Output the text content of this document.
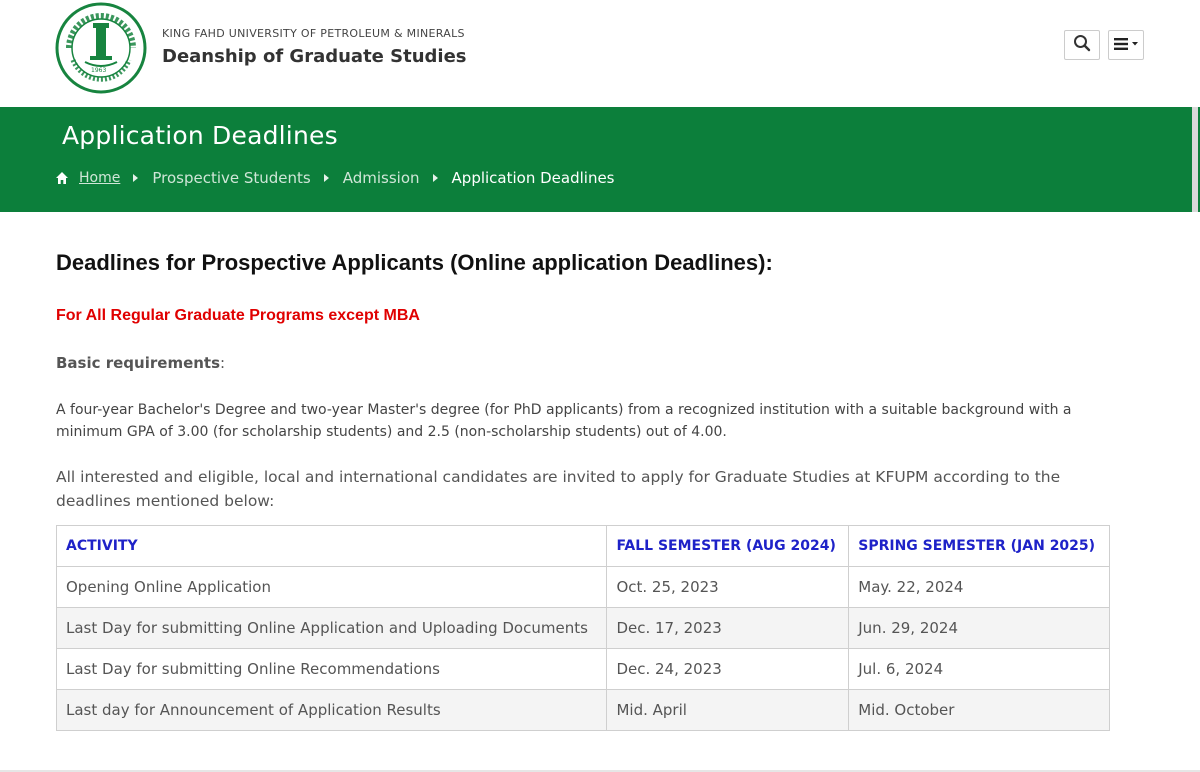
1963
KING FAHD UNIVERSITY OF PETROLEUM & MINERALS
Deanship of Graduate Studies
Application Deadlines
Home Prospective Students Admission Application Deadlines
Deadlines for Prospective Applicants (Online application Deadlines):
For All Regular Graduate Programs except MBA
Basic requirements:
A four-year Bachelor's Degree and two-year Master's degree (for PhD applicants) from a recognized institution with a suitable background with a minimum GPA of 3.00 (for scholarship students) and 2.5 (non-scholarship students) out of 4.00.
All interested and eligible, local and international candidates are invited to apply for Graduate Studies at KFUPM according to the deadlines mentioned below:
ACTIVITY	FALL SEMESTER (AUG 2024)	SPRING SEMESTER (JAN 2025)
Opening Online Application	Oct. 25, 2023	May. 22, 2024
Last Day for submitting Online Application and Uploading Documents	Dec. 17, 2023	Jun. 29, 2024
Last Day for submitting Online Recommendations	Dec. 24, 2023	Jul. 6, 2024
Last day for Announcement of Application Results	Mid. April	Mid. October
